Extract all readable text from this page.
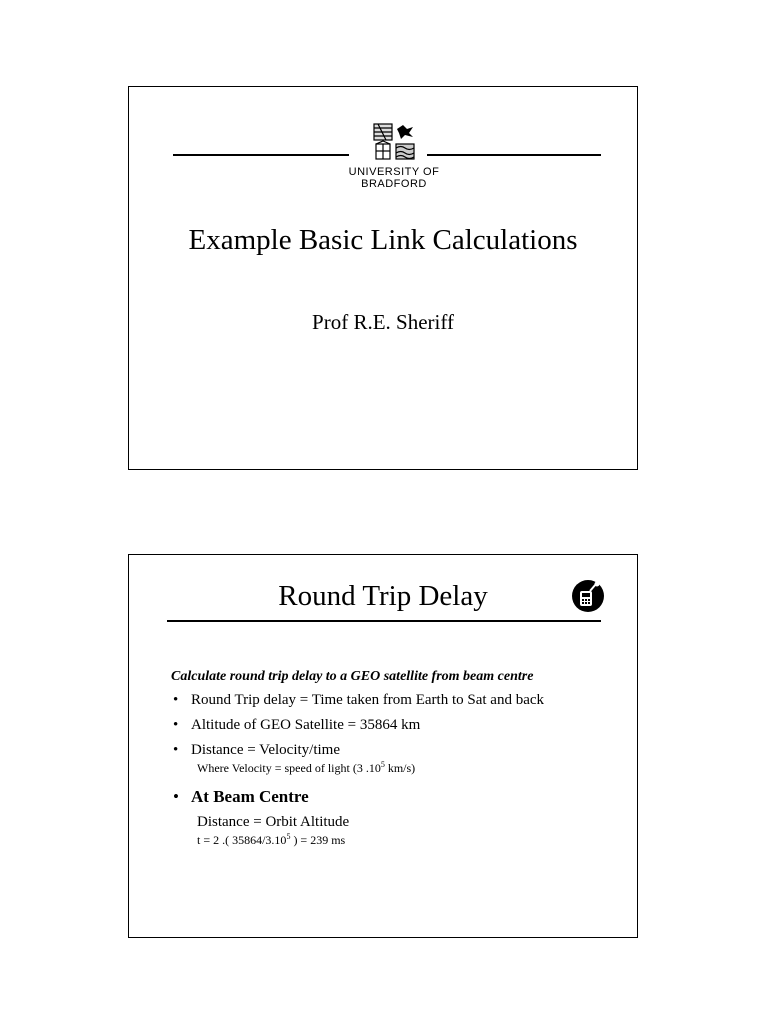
UNIVERSITY OF
BRADFORD
Example Basic Link Calculations
Prof R.E. Sheriff
Round Trip Delay

Calculate round trip delay to a GEO satellite from beam centre

• Round Trip delay = Time taken from Earth to Sat and back
• Altitude of GEO Satellite = 35864 km
• Distance = Velocity/time
Where Velocity = speed of light (3 $.10^5$ km/s)
• At Beam Centre
Distance = Orbit Altitude
t = 2 .( 35864/3.10$^5$ ) = 239 ms
